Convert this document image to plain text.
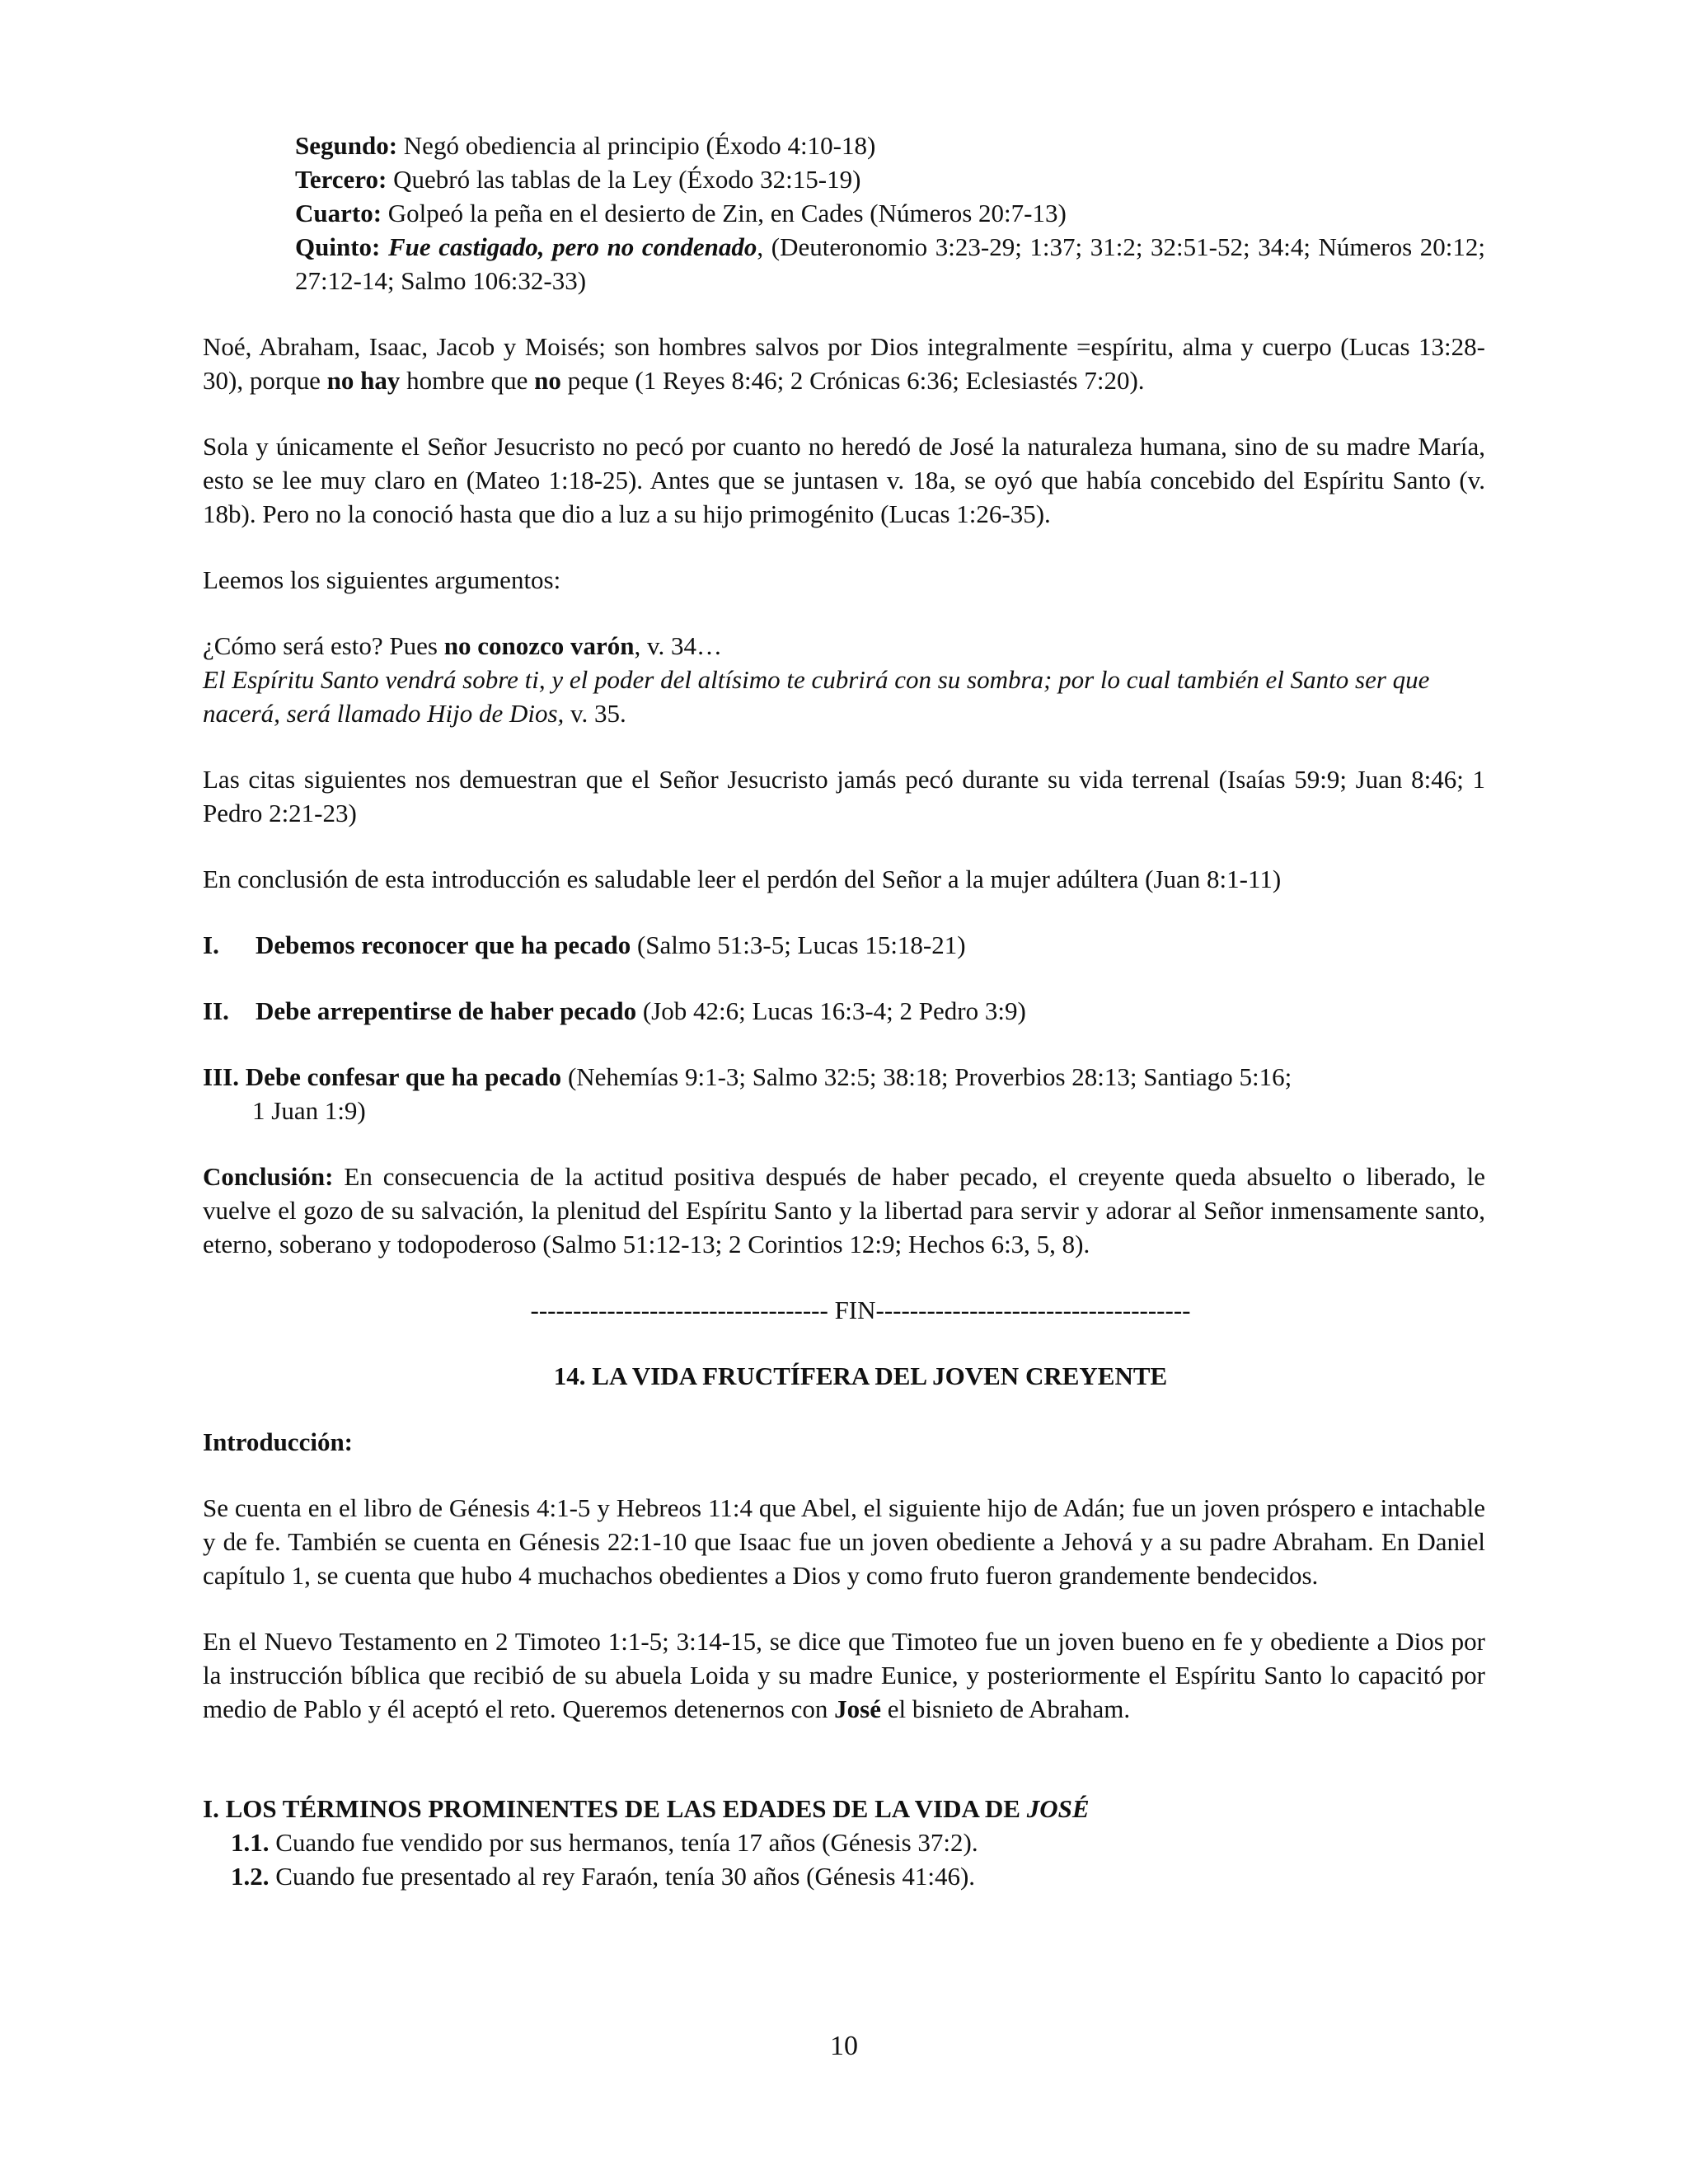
Segundo: Negó obediencia al principio (Éxodo 4:10-18)

Tercero: Quebró las tablas de la Ley (Éxodo 32:15-19)

Cuarto: Golpeó la peña en el desierto de Zin, en Cades (Números 20:7-13)

Quinto: Fue castigado, pero no condenado, (Deuteronomio 3:23-29; 1:37; 31:2; 32:51-52; 34:4; Números 20:12; 27:12-14; Salmo 106:32-33)

Noé, Abraham, Isaac, Jacob y Moisés; son hombres salvos por Dios integralmente =espíritu, alma y cuerpo (Lucas 13:28-30), porque no hay hombre que no peque (1 Reyes 8:46; 2 Crónicas 6:36; Eclesiastés 7:20).

Sola y únicamente el Señor Jesucristo no pecó por cuanto no heredó de José la naturaleza humana, sino de su madre María, esto se lee muy claro en (Mateo 1:18-25). Antes que se juntasen v. 18a, se oyó que había concebido del Espíritu Santo (v. 18b). Pero no la conoció hasta que dio a luz a su hijo primogénito (Lucas 1:26-35).

Leemos los siguientes argumentos:

¿Cómo será esto? Pues no conozco varón, v. 34…

El Espíritu Santo vendrá sobre ti, y el poder del altísimo te cubrirá con su sombra; por lo cual también el Santo ser que nacerá, será llamado Hijo de Dios, v. 35.

Las citas siguientes nos demuestran que el Señor Jesucristo jamás pecó durante su vida terrenal (Isaías 59:9; Juan 8:46; 1 Pedro 2:21-23)

En conclusión de esta introducción es saludable leer el perdón del Señor a la mujer adúltera (Juan 8:1-11)

I. Debemos reconocer que ha pecado (Salmo 51:3-5; Lucas 15:18-21)

II. Debe arrepentirse de haber pecado (Job 42:6; Lucas 16:3-4; 2 Pedro 3:9)

III. Debe confesar que ha pecado (Nehemías 9:1-3; Salmo 32:5; 38:18; Proverbios 28:13; Santiago 5:16;

1 Juan 1:9)

Conclusión: En consecuencia de la actitud positiva después de haber pecado, el creyente queda absuelto o liberado, le vuelve el gozo de su salvación, la plenitud del Espíritu Santo y la libertad para servir y adorar al Señor inmensamente santo, eterno, soberano y todopoderoso (Salmo 51:12-13; 2 Corintios 12:9; Hechos 6:3, 5, 8).

----------------------------------- FIN-------------------------------------

14. LA VIDA FRUCTÍFERA DEL JOVEN CREYENTE

Introducción:

Se cuenta en el libro de Génesis 4:1-5 y Hebreos 11:4 que Abel, el siguiente hijo de Adán; fue un joven próspero e intachable y de fe. También se cuenta en Génesis 22:1-10 que Isaac fue un joven obediente a Jehová y a su padre Abraham. En Daniel capítulo 1, se cuenta que hubo 4 muchachos obedientes a Dios y como fruto fueron grandemente bendecidos.

En el Nuevo Testamento en 2 Timoteo 1:1-5; 3:14-15, se dice que Timoteo fue un joven bueno en fe y obediente a Dios por la instrucción bíblica que recibió de su abuela Loida y su madre Eunice, y posteriormente el Espíritu Santo lo capacitó por medio de Pablo y él aceptó el reto. Queremos detenernos con José el bisnieto de Abraham.

I. LOS TÉRMINOS PROMINENTES DE LAS EDADES DE LA VIDA DE JOSÉ

1.1. Cuando fue vendido por sus hermanos, tenía 17 años (Génesis 37:2).

1.2. Cuando fue presentado al rey Faraón, tenía 30 años (Génesis 41:46).

10
